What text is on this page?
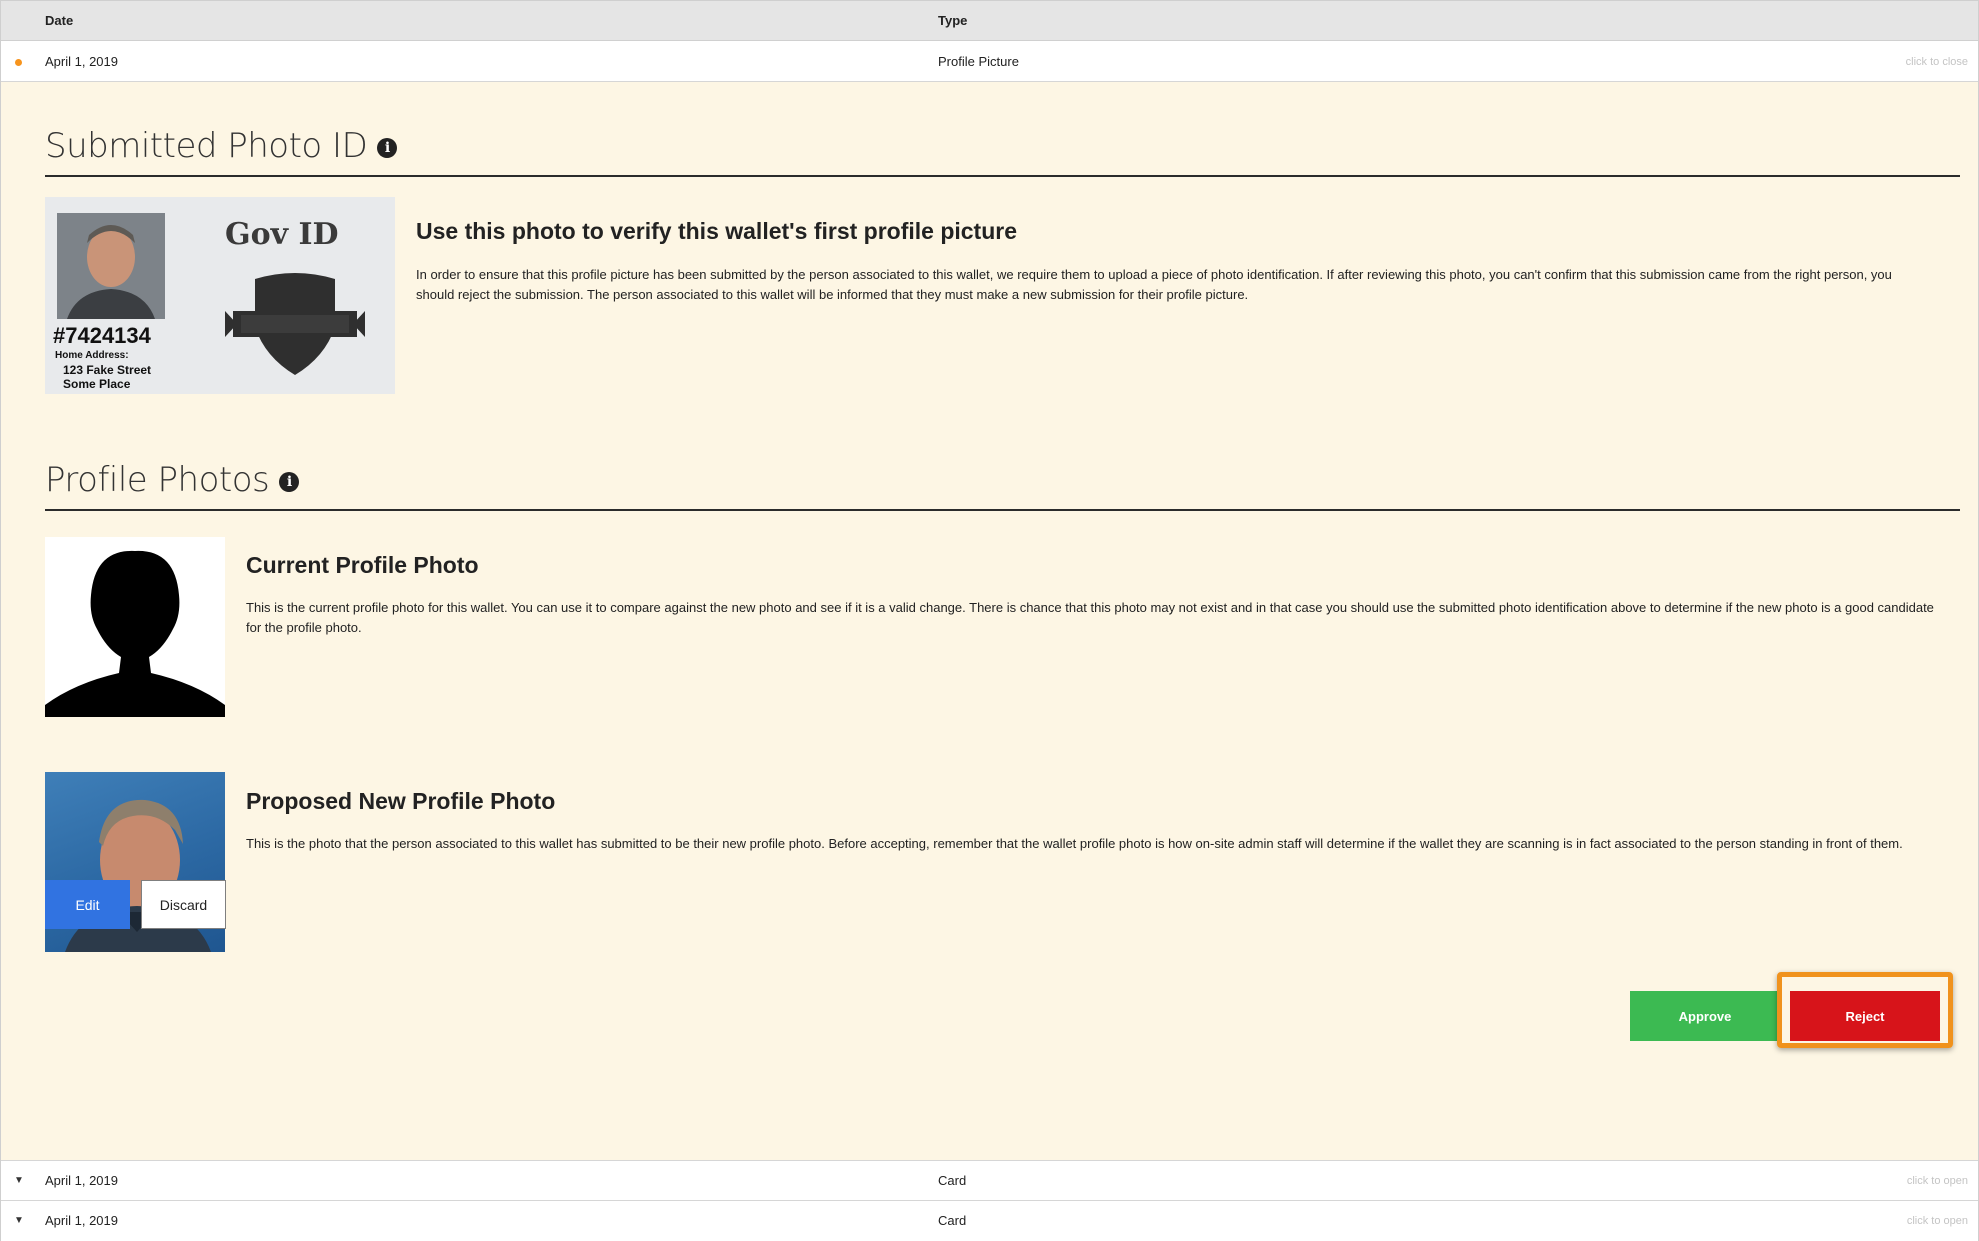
Date	Type
April 1, 2019	Profile Picture	click to close
Submitted Photo ID i
Gov ID
#7424134
Home Address:
123 Fake Street
Some Place
Use this photo to verify this wallet's first profile picture
In order to ensure that this profile picture has been submitted by the person associated to this wallet, we require them to upload a piece of photo identification. If after reviewing this photo, you can't confirm that this submission came from the right person, you should reject the submission. The person associated to this wallet will be informed that they must make a new submission for their profile picture.
Profile Photos i
Current Profile Photo
This is the current profile photo for this wallet. You can use it to compare against the new photo and see if it is a valid change. There is chance that this photo may not exist and in that case you should use the submitted photo identification above to determine if the new photo is a good candidate for the profile photo.
Proposed New Profile Photo
This is the photo that the person associated to this wallet has submitted to be their new profile photo. Before accepting, remember that the wallet profile photo is how on-site admin staff will determine if the wallet they are scanning is in fact associated to the person standing in front of them.
Edit	Discard
Approve	Reject
▼ April 1, 2019	Card	click to open
▼ April 1, 2019	Card	click to open
